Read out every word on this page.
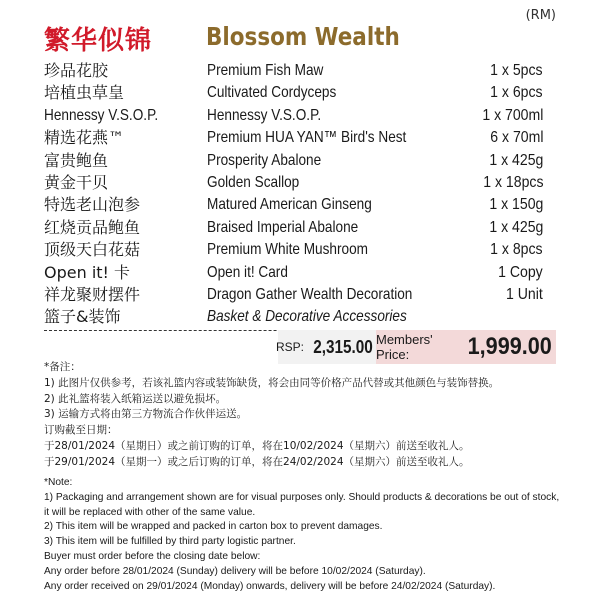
(RM)
繁华似锦 Blossom Wealth
珍品花胶	Premium Fish Maw	1 x 5pcs
培植虫草皇	Cultivated Cordyceps	1 x 6pcs
Hennessy V.S.O.P.	Hennessy V.S.O.P.	1 x 700ml
精选花燕™	Premium HUA YAN™ Bird's Nest	6 x 70ml
富贵鲍鱼	Prosperity Abalone	1 x 425g
黄金干贝	Golden Scallop	1 x 18pcs
特选老山泡参	Matured American Ginseng	1 x 150g
红烧贡品鲍鱼	Braised Imperial Abalone	1 x 425g
顶级天白花菇	Premium White Mushroom	1 x 8pcs
Open it! 卡	Open it! Card	1 Copy
祥龙聚财摆件	Dragon Gather Wealth Decoration	1 Unit
篮子&装饰	Basket & Decorative Accessories
RSP: 2,315.00 Members' Price:	1,999.00
*备注：
1) 此图片仅供参考，若该礼篮内容或装饰缺货，将会由同等价格产品代替或其他颜色与装饰替换。
2) 此礼篮将装入纸箱运送以避免损坏。
3) 运输方式将由第三方物流合作伙伴运送。
订购截至日期：
于28/01/2024（星期日）或之前订购的订单，将在10/02/2024（星期六）前送至收礼人。
于29/01/2024（星期一）或之后订购的订单，将在24/02/2024（星期六）前送至收礼人。
*Note:
1) Packaging and arrangement shown are for visual purposes only. Should products & decorations be out of stock, it will be replaced with other of the same value.
2) This item will be wrapped and packed in carton box to prevent damages.
3) This item will be fulfilled by third party logistic partner.
Buyer must order before the closing date below:
Any order before 28/01/2024 (Sunday) delivery will be before 10/02/2024 (Saturday).
Any order received on 29/01/2024 (Monday) onwards, delivery will be before 24/02/2024 (Saturday).
